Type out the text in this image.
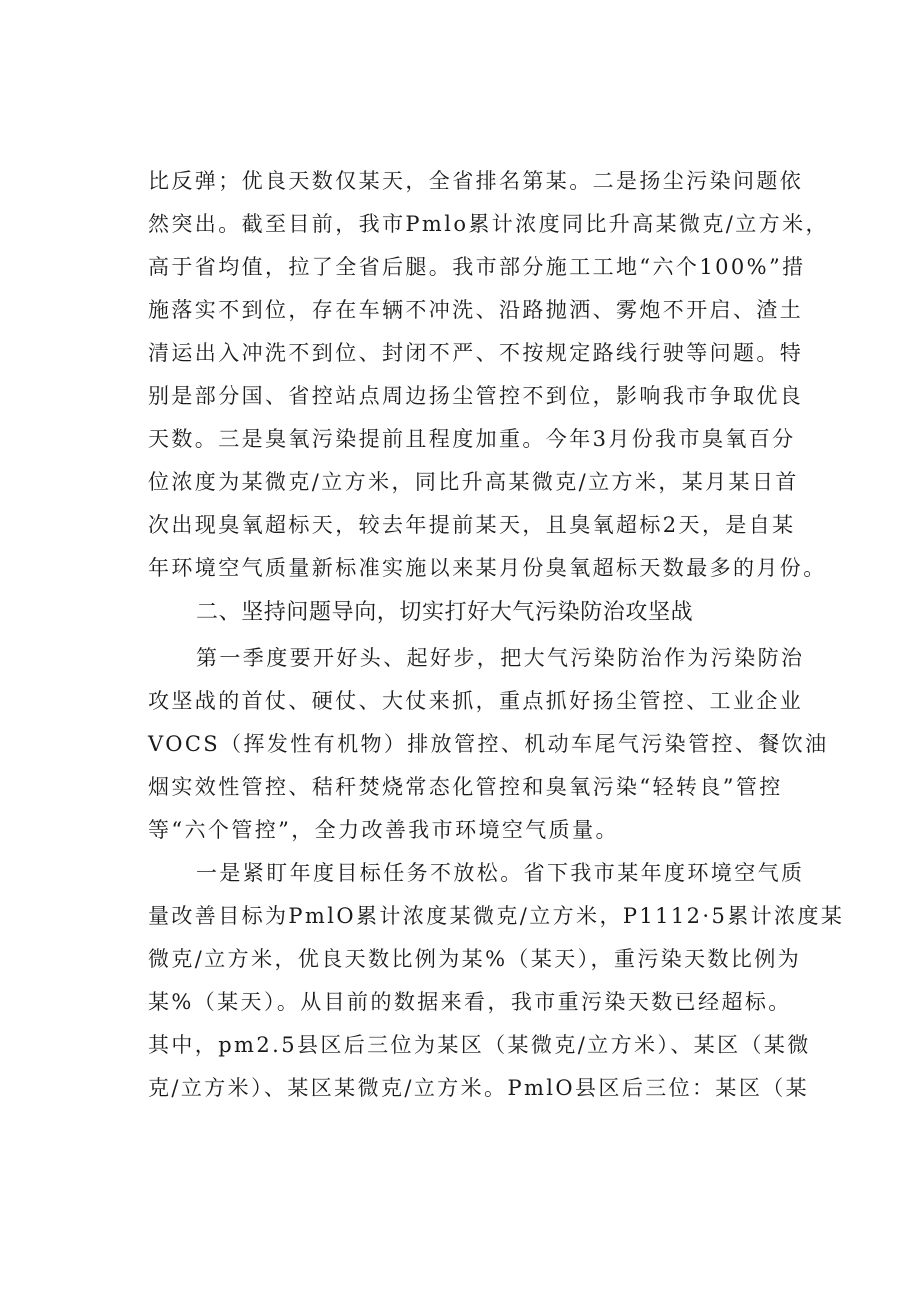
比反弹；优良天数仅某天，全省排名第某。二是扬尘污染问题依
然突出。截至目前，我市Pmlo累计浓度同比升高某微克/立方米，
高于省均值，拉了全省后腿。我市部分施工工地“六个100%”措
施落实不到位，存在车辆不冲洗、沿路抛洒、雾炮不开启、渣土
清运出入冲洗不到位、封闭不严、不按规定路线行驶等问题。特
别是部分国、省控站点周边扬尘管控不到位，影响我市争取优良
天数。三是臭氧污染提前且程度加重。今年3月份我市臭氧百分
位浓度为某微克/立方米，同比升高某微克/立方米，某月某日首
次出现臭氧超标天，较去年提前某天，且臭氧超标2天，是自某
年环境空气质量新标准实施以来某月份臭氧超标天数最多的月份。
二、坚持问题导向，切实打好大气污染防治攻坚战
第一季度要开好头、起好步，把大气污染防治作为污染防治
攻坚战的首仗、硬仗、大仗来抓，重点抓好扬尘管控、工业企业
VOCS（挥发性有机物）排放管控、机动车尾气污染管控、餐饮油
烟实效性管控、秸秆焚烧常态化管控和臭氧污染“轻转良”管控
等“六个管控”，全力改善我市环境空气质量。
一是紧盯年度目标任务不放松。省下我市某年度环境空气质
量改善目标为PmlO累计浓度某微克/立方米，P1112·5累计浓度某
微克/立方米，优良天数比例为某%（某天），重污染天数比例为
某%（某天）。从目前的数据来看，我市重污染天数已经超标。
其中，pm2.5县区后三位为某区（某微克/立方米）、某区（某微
克/立方米）、某区某微克/立方米。PmlO县区后三位：某区（某
